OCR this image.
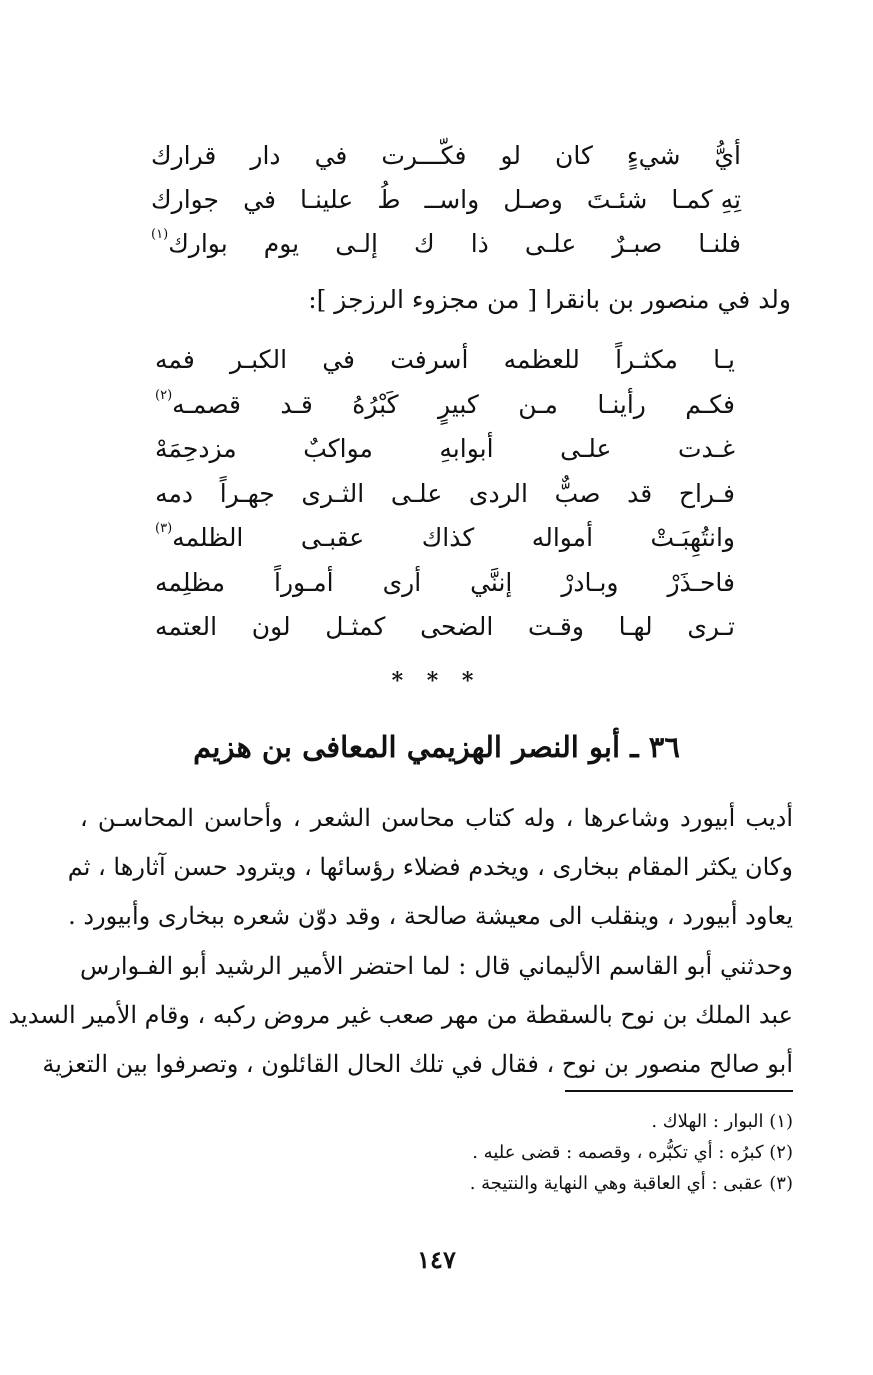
أيُّ
شيءٍ
كان
لو
فكّـــرت
في
دار
قرارك
تِهِ كمـا
شئـتَ
وصـل
واســ
طُ
علينـا
في
جوارك
فلنـا
صبـرٌ
علـى
ذا
ك
إلـى
يوم
بوارك$^{(١)}$
ولد في منصور بن بانقرا [ من مجزوء الرزجز ]:
يـا
مكثـراً
للعظمه
أسرفت
في
الكبـر
فمه
فكـم
رأينـا
مـن
كبيرٍ
كَبْرُهُ
قـد
قصمـه$^{(٢)}$
غـدت
علـى
أبوابهِ
مواكبٌ
مزدحِمَهْ
فـراح
قد
صبٌّ
الردى
علـى
الثـرى
جهـراً
دمه
وانتُهِبَـتْ
أمواله
كذاك
عقبـى
الظلمه$^{(٣)}$
فاحـذَرْ
وبـادرْ
إننَّي
أرى
أمـوراً
مظلِمه
تـرى
لهـا
وقـت
الضحى
كمثـل
لون
العتمه
* * *
٣٦ ـ أبو النصر الهزيمي المعافى بن هزيم
أديب أبيورد وشاعرها ، وله كتاب محاسن الشعر ، وأحاسن المحاسـن ،
وكان يكثر المقام ببخارى ، ويخدم فضلاء رؤسائها ، ويترود حسن آثارها ، ثم
يعاود أبيورد ، وينقلب الى معيشة صالحة ، وقد دوّن شعره ببخارى وأبيورد .
وحدثني أبو القاسم الأليماني قال : لما احتضر الأمير الرشيد أبو الفـوارس
عبد الملك بن نوح بالسقطة من مهر صعب غير مروض ركبه ، وقام الأمير السديد
أبو صالح منصور بن نوح ، فقال في تلك الحال القائلون ، وتصرفوا بين التعزية
(١) البوار : الهلاك .
(٢) كبرُه : أي تكبُّره ، وقصمه : قضى عليه .
(٣) عقبى : أي العاقبة وهي النهاية والنتيجة .
١٤٧
